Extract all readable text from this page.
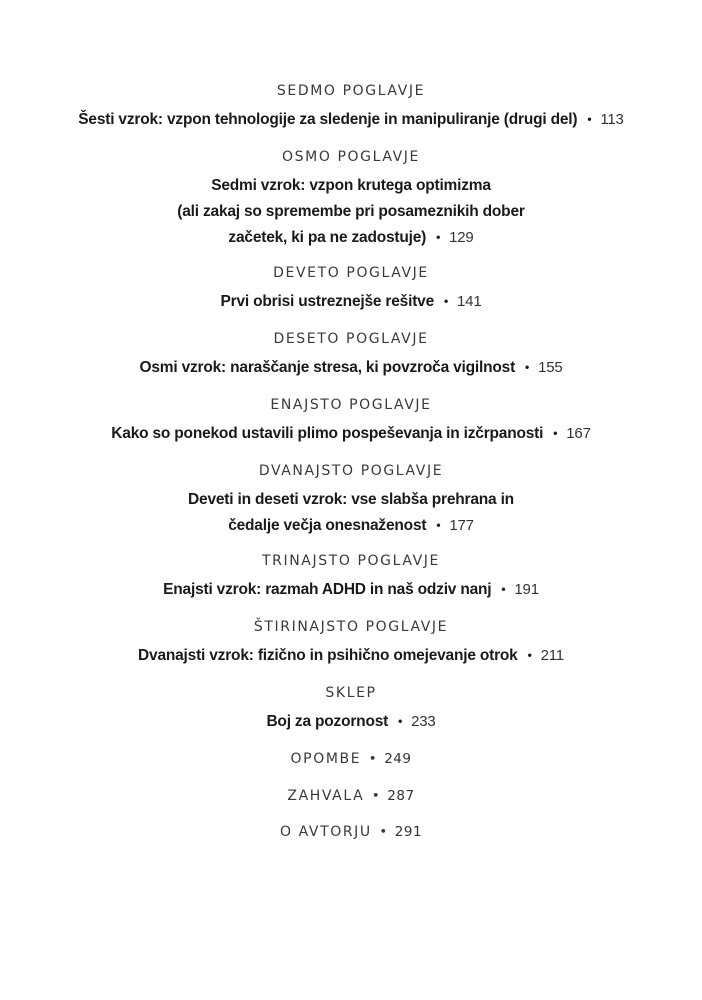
SEDMO POGLAVJE
Šesti vzrok: vzpon tehnologije za sledenje in manipuliranje (drugi del) • 113
OSMO POGLAVJE
Sedmi vzrok: vzpon krutega optimizma
(ali zakaj so spremembe pri posameznikih dober
začetek, ki pa ne zadostuje) • 129
DEVETO POGLAVJE
Prvi obrisi ustreznejše rešitve • 141
DESETO POGLAVJE
Osmi vzrok: naraščanje stresa, ki povzroča vigilnost • 155
ENAJSTO POGLAVJE
Kako so ponekod ustavili plimo pospeševanja in izčrpanosti • 167
DVANAJSTO POGLAVJE
Deveti in deseti vzrok: vse slabša prehrana in
čedalje večja onesnaženost • 177
TRINAJSTO POGLAVJE
Enajsti vzrok: razmah ADHD in naš odziv nanj • 191
ŠTIRINAJSTO POGLAVJE
Dvanajsti vzrok: fizično in psihično omejevanje otrok • 211
SKLEP
Boj za pozornost • 233
OPOMBE • 249
ZAHVALA • 287
O AVTORJU • 291
